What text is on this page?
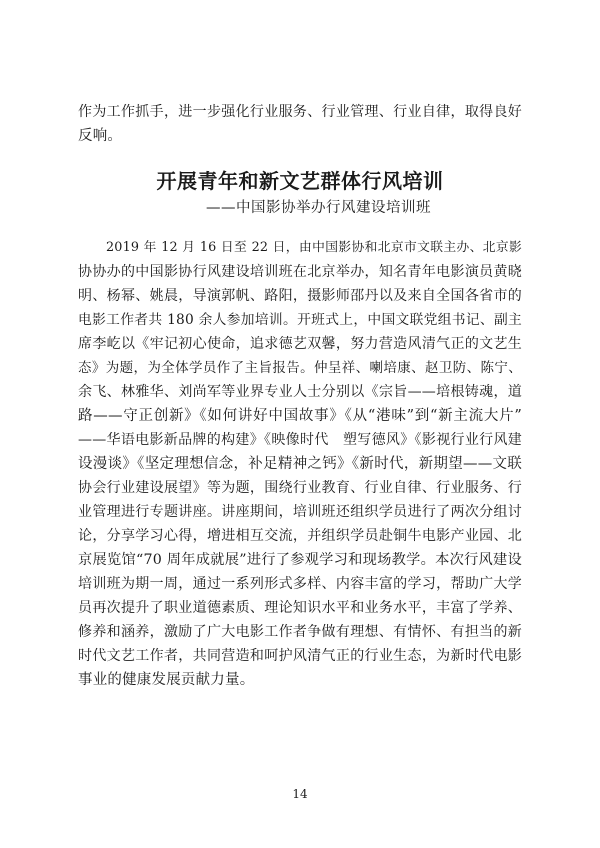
作为工作抓手，进一步强化行业服务、行业管理、行业自律，取得良好
反响。
开展青年和新文艺群体行风培训
——中国影协举办行风建设培训班
2019 年 12 月 16 日至 22 日，由中国影协和北京市文联主办、北京影
协协办的中国影协行风建设培训班在北京举办，知名青年电影演员黄晓
明、杨幂、姚晨，导演郭帆、路阳，摄影师邵丹以及来自全国各省市的
电影工作者共 180 余人参加培训。开班式上，中国文联党组书记、副主
席李屹以《牢记初心使命，追求德艺双馨，努力营造风清气正的文艺生
态》为题，为全体学员作了主旨报告。仲呈祥、喇培康、赵卫防、陈宁、
余飞、林雅华、刘尚军等业界专业人士分别以《宗旨——培根铸魂，道
路——守正创新》《如何讲好中国故事》《从“港味”到“新主流大片”
——华语电影新品牌的构建》《映像时代　塑写德风》《影视行业行风建
设漫谈》《坚定理想信念，补足精神之钙》《新时代，新期望——文联
协会行业建设展望》等为题，围绕行业教育、行业自律、行业服务、行
业管理进行专题讲座。讲座期间，培训班还组织学员进行了两次分组讨
论，分享学习心得，增进相互交流，并组织学员赴铜牛电影产业园、北
京展览馆“70 周年成就展”进行了参观学习和现场教学。本次行风建设
培训班为期一周，通过一系列形式多样、内容丰富的学习，帮助广大学
员再次提升了职业道德素质、理论知识水平和业务水平，丰富了学养、
修养和涵养，激励了广大电影工作者争做有理想、有情怀、有担当的新
时代文艺工作者，共同营造和呵护风清气正的行业生态，为新时代电影
事业的健康发展贡献力量。
14
